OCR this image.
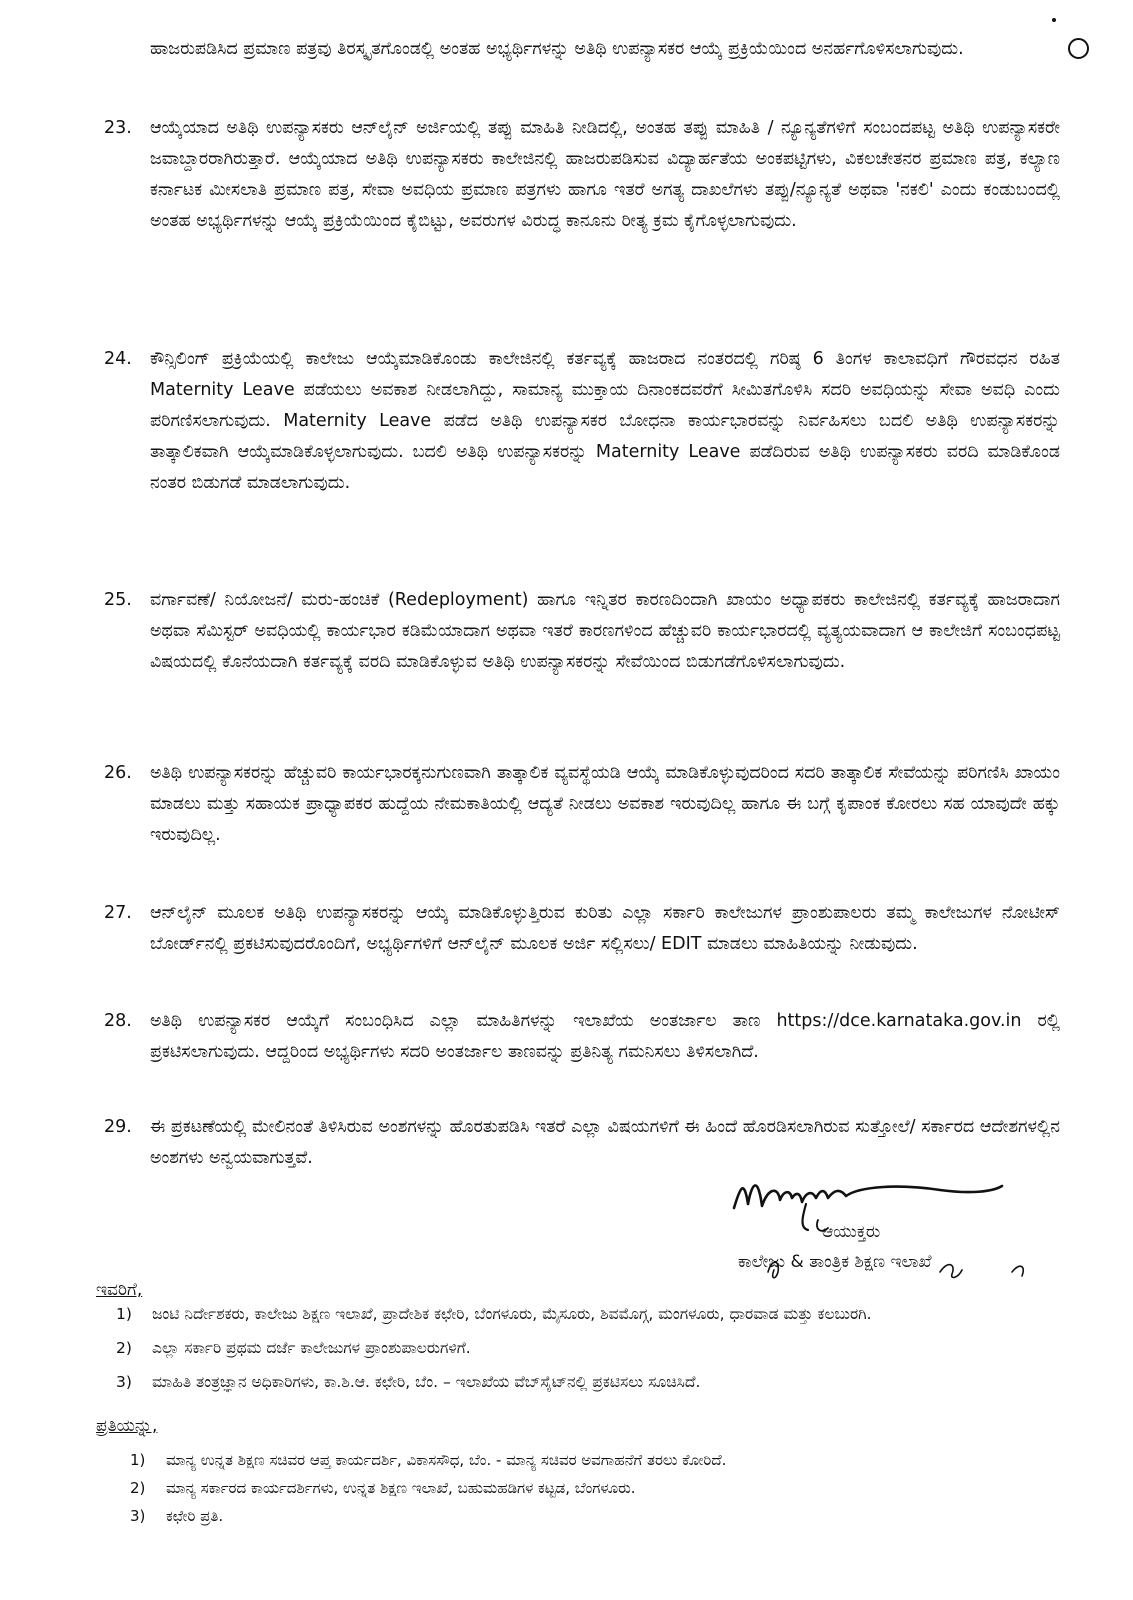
ಹಾಜರುಪಡಿಸಿದ ಪ್ರಮಾಣ ಪತ್ರವು ತಿರಸ್ಕೃತಗೊಂಡಲ್ಲಿ ಅಂತಹ ಅಭ್ಯರ್ಥಿಗಳನ್ನು ಅತಿಥಿ ಉಪನ್ಯಾಸಕರ ಆಯ್ಕೆ ಪ್ರಕ್ರಿಯೆಯಿಂದ ಅನರ್ಹಗೊಳಿಸಲಾಗುವುದು.
23.	ಆಯ್ಕೆಯಾದ ಅತಿಥಿ ಉಪನ್ಯಾಸಕರು ಆನ್‌ಲೈನ್ ಅರ್ಜಿಯಲ್ಲಿ ತಪ್ಪು ಮಾಹಿತಿ ನೀಡಿದಲ್ಲಿ, ಅಂತಹ ತಪ್ಪು ಮಾಹಿತಿ / ನ್ಯೂನ್ಯತೆಗಳಿಗೆ ಸಂಬಂದಪಟ್ಟ ಅತಿಥಿ ಉಪನ್ಯಾಸಕರೇ ಜವಾಬ್ದಾರರಾಗಿರುತ್ತಾರೆ. ಆಯ್ಕೆಯಾದ ಅತಿಥಿ ಉಪನ್ಯಾಸಕರು ಕಾಲೇಜಿನಲ್ಲಿ ಹಾಜರುಪಡಿಸುವ ವಿದ್ಯಾರ್ಹತೆಯ ಅಂಕಪಟ್ಟಿಗಳು, ವಿಕಲಚೇತನರ ಪ್ರಮಾಣ ಪತ್ರ, ಕಲ್ಯಾಣ ಕರ್ನಾಟಕ ಮೀಸಲಾತಿ ಪ್ರಮಾಣ ಪತ್ರ, ಸೇವಾ ಅವಧಿಯ ಪ್ರಮಾಣ ಪತ್ರಗಳು ಹಾಗೂ ಇತರೆ ಅಗತ್ಯ ದಾಖಲೆಗಳು ತಪ್ಪು/ನ್ಯೂನ್ಯತೆ ಅಥವಾ 'ನಕಲಿ' ಎಂದು ಕಂಡುಬಂದಲ್ಲಿ ಅಂತಹ ಅಭ್ಯರ್ಥಿಗಳನ್ನು ಆಯ್ಕೆ ಪ್ರಕ್ರಿಯೆಯಿಂದ ಕೈಬಿಟ್ಟು, ಅವರುಗಳ ವಿರುದ್ಧ ಕಾನೂನು ರೀತ್ಯ ಕ್ರಮ ಕೈಗೊಳ್ಳಲಾಗುವುದು.
24.	ಕೌನ್ಸಿಲಿಂಗ್ ಪ್ರಕ್ರಿಯೆಯಲ್ಲಿ ಕಾಲೇಜು ಆಯ್ಕೆಮಾಡಿಕೊಂಡು ಕಾಲೇಜಿನಲ್ಲಿ ಕರ್ತವ್ಯಕ್ಕೆ ಹಾಜರಾದ ನಂತರದಲ್ಲಿ ಗರಿಷ್ಠ 6 ತಿಂಗಳ ಕಾಲಾವಧಿಗೆ ಗೌರವಧನ ರಹಿತ Maternity Leave ಪಡೆಯಲು ಅವಕಾಶ ನೀಡಲಾಗಿದ್ದು, ಸಾಮಾನ್ಯ ಮುಕ್ತಾಯ ದಿನಾಂಕದವರೆಗೆ ಸೀಮಿತಗೊಳಿಸಿ ಸದರಿ ಅವಧಿಯನ್ನು ಸೇವಾ ಅವಧಿ ಎಂದು ಪರಿಗಣಿಸಲಾಗುವುದು. Maternity Leave ಪಡೆದ ಅತಿಥಿ ಉಪನ್ಯಾಸಕರ ಬೋಧನಾ ಕಾರ್ಯಭಾರವನ್ನು ನಿರ್ವಹಿಸಲು ಬದಲಿ ಅತಿಥಿ ಉಪನ್ಯಾಸಕರನ್ನು ತಾತ್ಕಾಲಿಕವಾಗಿ ಆಯ್ಕೆಮಾಡಿಕೊಳ್ಳಲಾಗುವುದು. ಬದಲಿ ಅತಿಥಿ ಉಪನ್ಯಾಸಕರನ್ನು Maternity Leave ಪಡೆದಿರುವ ಅತಿಥಿ ಉಪನ್ಯಾಸಕರು ವರದಿ ಮಾಡಿಕೊಂಡ ನಂತರ ಬಿಡುಗಡೆ ಮಾಡಲಾಗುವುದು.
25.	ವರ್ಗಾವಣೆ/ ನಿಯೋಜನೆ/ ಮರು-ಹಂಚಿಕೆ (Redeployment) ಹಾಗೂ ಇನ್ನಿತರ ಕಾರಣದಿಂದಾಗಿ ಖಾಯಂ ಅಧ್ಯಾಪಕರು ಕಾಲೇಜಿನಲ್ಲಿ ಕರ್ತವ್ಯಕ್ಕೆ ಹಾಜರಾದಾಗ ಅಥವಾ ಸೆಮಿಸ್ಟರ್ ಅವಧಿಯಲ್ಲಿ ಕಾರ್ಯಭಾರ ಕಡಿಮೆಯಾದಾಗ ಅಥವಾ ಇತರೆ ಕಾರಣಗಳಿಂದ ಹೆಚ್ಚುವರಿ ಕಾರ್ಯಭಾರದಲ್ಲಿ ವ್ಯತ್ಯಯವಾದಾಗ ಆ ಕಾಲೇಜಿಗೆ ಸಂಬಂಧಪಟ್ಟ ವಿಷಯದಲ್ಲಿ ಕೊನೆಯದಾಗಿ ಕರ್ತವ್ಯಕ್ಕೆ ವರದಿ ಮಾಡಿಕೊಳ್ಳುವ ಅತಿಥಿ ಉಪನ್ಯಾಸಕರನ್ನು ಸೇವೆಯಿಂದ ಬಿಡುಗಡೆಗೊಳಿಸಲಾಗುವುದು.
26.	ಅತಿಥಿ ಉಪನ್ಯಾಸಕರನ್ನು ಹೆಚ್ಚುವರಿ ಕಾರ್ಯಭಾರಕ್ಕನುಗುಣವಾಗಿ ತಾತ್ಕಾಲಿಕ ವ್ಯವಸ್ಥೆಯಡಿ ಆಯ್ಕೆ ಮಾಡಿಕೊಳ್ಳುವುದರಿಂದ ಸದರಿ ತಾತ್ಕಾಲಿಕ ಸೇವೆಯನ್ನು ಪರಿಗಣಿಸಿ ಖಾಯಂ ಮಾಡಲು ಮತ್ತು ಸಹಾಯಕ ಪ್ರಾಧ್ಯಾಪಕರ ಹುದ್ದೆಯ ನೇಮಕಾತಿಯಲ್ಲಿ ಆದ್ಯತೆ ನೀಡಲು ಅವಕಾಶ ಇರುವುದಿಲ್ಲ ಹಾಗೂ ಈ ಬಗ್ಗೆ ಕೃಪಾಂಕ ಕೋರಲು ಸಹ ಯಾವುದೇ ಹಕ್ಕು ಇರುವುದಿಲ್ಲ.
27.	ಆನ್‌ಲೈನ್ ಮೂಲಕ ಅತಿಥಿ ಉಪನ್ಯಾಸಕರನ್ನು ಆಯ್ಕೆ ಮಾಡಿಕೊಳ್ಳುತ್ತಿರುವ ಕುರಿತು ಎಲ್ಲಾ ಸರ್ಕಾರಿ ಕಾಲೇಜುಗಳ ಪ್ರಾಂಶುಪಾಲರು ತಮ್ಮ ಕಾಲೇಜುಗಳ ನೋಟೀಸ್ ಬೋರ್ಡ್‌ನಲ್ಲಿ ಪ್ರಕಟಿಸುವುದರೊಂದಿಗೆ, ಅಭ್ಯರ್ಥಿಗಳಿಗೆ ಆನ್‌ಲೈನ್ ಮೂಲಕ ಅರ್ಜಿ ಸಲ್ಲಿಸಲು/ EDIT ಮಾಡಲು ಮಾಹಿತಿಯನ್ನು ನೀಡುವುದು.
28.	ಅತಿಥಿ ಉಪನ್ಯಾಸಕರ ಆಯ್ಕೆಗೆ ಸಂಬಂಧಿಸಿದ ಎಲ್ಲಾ ಮಾಹಿತಿಗಳನ್ನು ಇಲಾಖೆಯ ಅಂತರ್ಜಾಲ ತಾಣ https://dce.karnataka.gov.in ರಲ್ಲಿ ಪ್ರಕಟಿಸಲಾಗುವುದು. ಆದ್ದರಿಂದ ಅಭ್ಯರ್ಥಿಗಳು ಸದರಿ ಅಂತರ್ಜಾಲ ತಾಣವನ್ನು ಪ್ರತಿನಿತ್ಯ ಗಮನಿಸಲು ತಿಳಿಸಲಾಗಿದೆ.
29.	ಈ ಪ್ರಕಟಣೆಯಲ್ಲಿ ಮೇಲಿನಂತೆ ತಿಳಿಸಿರುವ ಅಂಶಗಳನ್ನು ಹೊರತುಪಡಿಸಿ ಇತರೆ ಎಲ್ಲಾ ವಿಷಯಗಳಿಗೆ ಈ ಹಿಂದೆ ಹೊರಡಿಸಲಾಗಿರುವ ಸುತ್ತೋಲೆ/ ಸರ್ಕಾರದ ಆದೇಶಗಳಲ್ಲಿನ ಅಂಶಗಳು ಅನ್ವಯವಾಗುತ್ತವೆ.
ಆಯುಕ್ತರು
ಕಾಲೇಜು & ತಾಂತ್ರಿಕ ಶಿಕ್ಷಣ ಇಲಾಖೆ
ಇವರಿಗೆ,
1)	ಜಂಟಿ ನಿರ್ದೇಶಕರು, ಕಾಲೇಜು ಶಿಕ್ಷಣ ಇಲಾಖೆ, ಪ್ರಾದೇಶಿಕ ಕಛೇರಿ, ಬೆಂಗಳೂರು, ಮೈಸೂರು, ಶಿವಮೊಗ್ಗ, ಮಂಗಳೂರು, ಧಾರವಾಡ ಮತ್ತು ಕಲಬುರಗಿ.
2)	ಎಲ್ಲಾ ಸರ್ಕಾರಿ ಪ್ರಥಮ ದರ್ಜೆ ಕಾಲೇಜುಗಳ ಪ್ರಾಂಶುಪಾಲರುಗಳಿಗೆ.
3)	ಮಾಹಿತಿ ತಂತ್ರಜ್ಞಾನ ಅಧಿಕಾರಿಗಳು, ಕಾ.ಶಿ.ಆ. ಕಛೇರಿ, ಬೆಂ. – ಇಲಾಖೆಯ ವೆಬ್‌ಸೈಟ್‌ನಲ್ಲಿ ಪ್ರಕಟಿಸಲು ಸೂಚಿಸಿದೆ.
ಪ್ರತಿಯನ್ನು,
1)	ಮಾನ್ಯ ಉನ್ನತ ಶಿಕ್ಷಣ ಸಚಿವರ ಆಪ್ತ ಕಾರ್ಯದರ್ಶಿ, ವಿಕಾಸಸೌಧ, ಬೆಂ. - ಮಾನ್ಯ ಸಚಿವರ ಅವಗಾಹನೆಗೆ ತರಲು ಕೋರಿದೆ.
2)	ಮಾನ್ಯ ಸರ್ಕಾರದ ಕಾರ್ಯದರ್ಶಿಗಳು, ಉನ್ನತ ಶಿಕ್ಷಣ ಇಲಾಖೆ, ಬಹುಮಹಡಿಗಳ ಕಟ್ಟಡ, ಬೆಂಗಳೂರು.
3)	ಕಛೇರಿ ಪ್ರತಿ.
